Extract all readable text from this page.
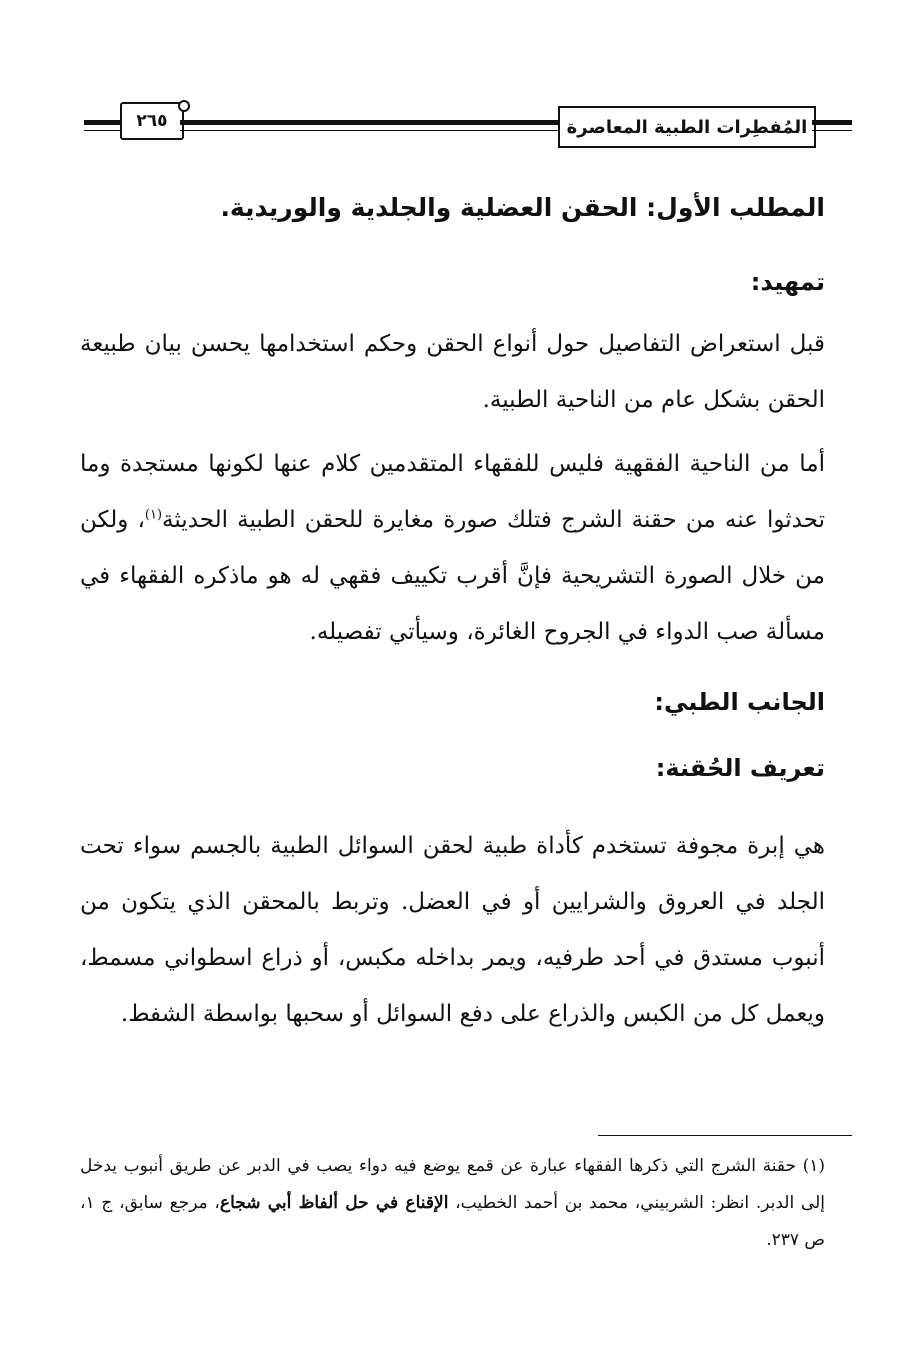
٢٦٥	المُفطِرات الطبية المعاصرة
المطلب الأول: الحقن العضلية والجلدية والوريدية.
تمهيد:
قبل استعراض التفاصيل حول أنواع الحقن وحكم استخدامها يحسن بيان طبيعة الحقن بشكل عام من الناحية الطبية.
أما من الناحية الفقهية فليس للفقهاء المتقدمين كلام عنها لكونها مستجدة وما تحدثوا عنه من حقنة الشرج فتلك صورة مغايرة للحقن الطبية الحديثة$^{(١)}$، ولكن من خلال الصورة التشريحية فإنَّ أقرب تكييف فقهي له هو ماذكره الفقهاء في مسألة صب الدواء في الجروح الغائرة، وسيأتي تفصيله.
الجانب الطبي:
تعريف الحُقنة:
هي إبرة مجوفة تستخدم كأداة طبية لحقن السوائل الطبية بالجسم سواء تحت الجلد في العروق والشرايين أو في العضل. وتربط بالمحقن الذي يتكون من أنبوب مستدق في أحد طرفيه، ويمر بداخله مكبس، أو ذراع اسطواني مسمط، ويعمل كل من الكبس والذراع على دفع السوائل أو سحبها بواسطة الشفط.
(١) حقنة الشرج التي ذكرها الفقهاء عبارة عن قمع يوضع فيه دواء يصب في الدبر عن طريق أنبوب يدخل إلى الدبر. انظر: الشربيني، محمد بن أحمد الخطيب، الإقناع في حل ألفاظ أبي شجاع، مرجع سابق، ج ١، ص ٢٣٧.
